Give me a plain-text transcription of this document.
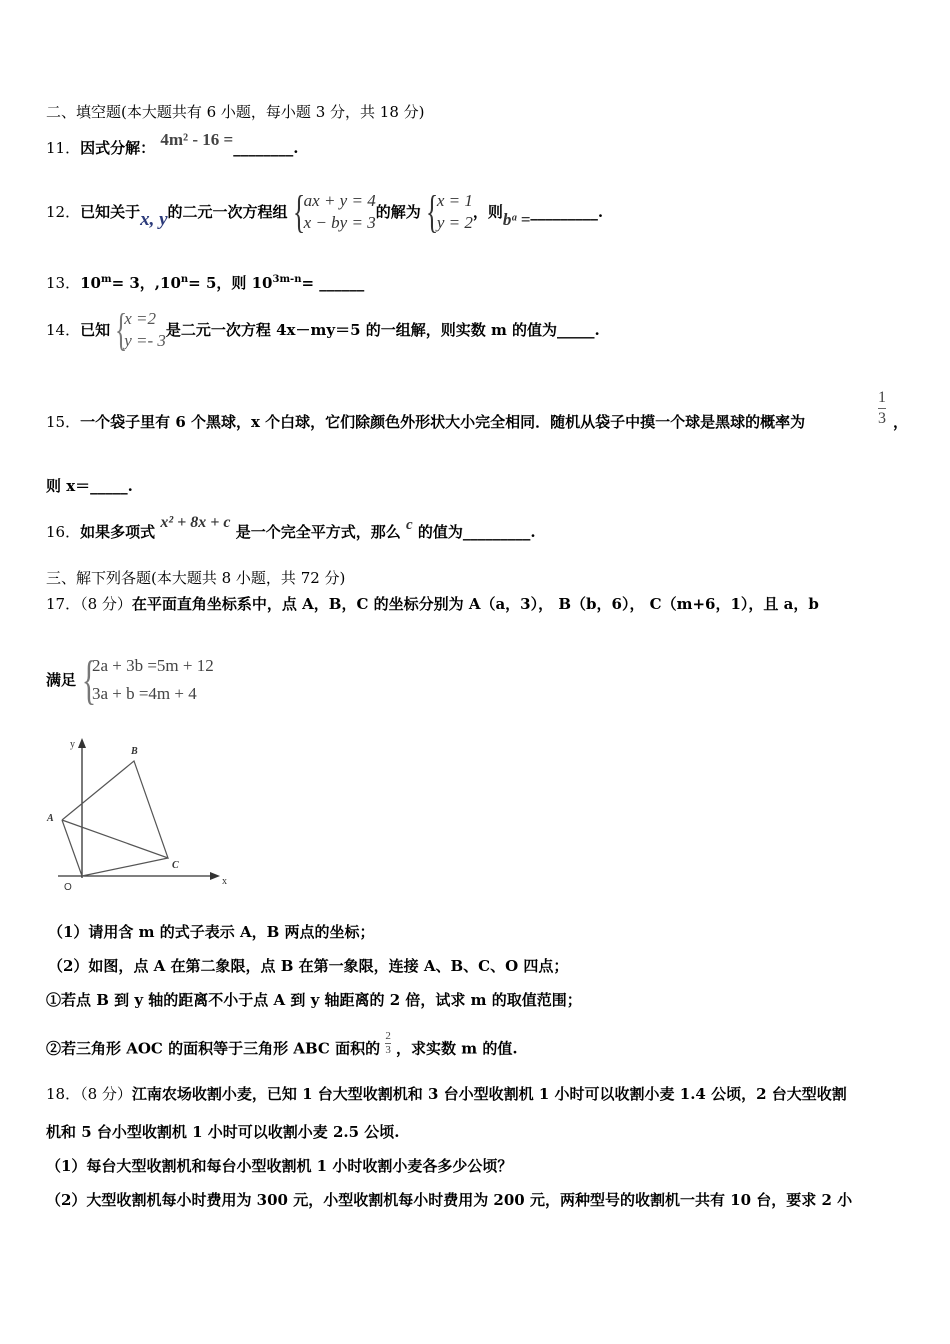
二、填空题(本大题共有 6 小题，每小题 3 分，共 18 分)
11．因式分解： 4m² - 16 =________.
12． 已知关于 x, y 的二元一次方程组 {
ax + y = 4
x − by = 3
的解为 {
x = 1
y = 2
，则 bᵃ = _________ .
13．$10^m= 3$，$,10^n= 5$，则 $10^{3m-n}=$ ______
14． 已知 {
x =2
y =- 3
是二元一次方程 4x－my＝5 的一组解，则实数 m 的值为_____.
15．一个袋子里有 6 个黑球，x 个白球，它们除颜色外形状大小完全相同．随机从袋子中摸一个球是黑球的概率为	$\frac{1}{3}$ ，
则 x＝_____.
16．如果多项式 x² + 8x + c 是一个完全平方式，那么 c 的值为_________.
三、解下列各题(本大题共 8 小题，共 72 分)
17．（8 分）在平面直角坐标系中，点 A，B，C 的坐标分别为 A（a，3）， B（b，6）， C（m+6，1），且 a，b
满足 {
2a + 3b =5m + 12
3a + b =4m + 4
y
x
O
A
B
C
（1）请用含 m 的式子表示 A，B 两点的坐标；
（2）如图，点 A 在第二象限，点 B 在第一象限，连接 A、B、C、O 四点；
①若点 B 到 y 轴的距离不小于点 A 到 y 轴距离的 2 倍，试求 m 的取值范围；
②若三角形 AOC 的面积等于三角形 ABC 面积的 $\frac{2}{3}$ ，求实数 m 的值.
18．（8 分）江南农场收割小麦，已知 1 台大型收割机和 3 台小型收割机 1 小时可以收割小麦 1.4 公顷，2 台大型收割
机和 5 台小型收割机 1 小时可以收割小麦 2.5 公顷.
（1）每台大型收割机和每台小型收割机 1 小时收割小麦各多少公顷？
（2）大型收割机每小时费用为 300 元，小型收割机每小时费用为 200 元，两种型号的收割机一共有 10 台，要求 2 小
